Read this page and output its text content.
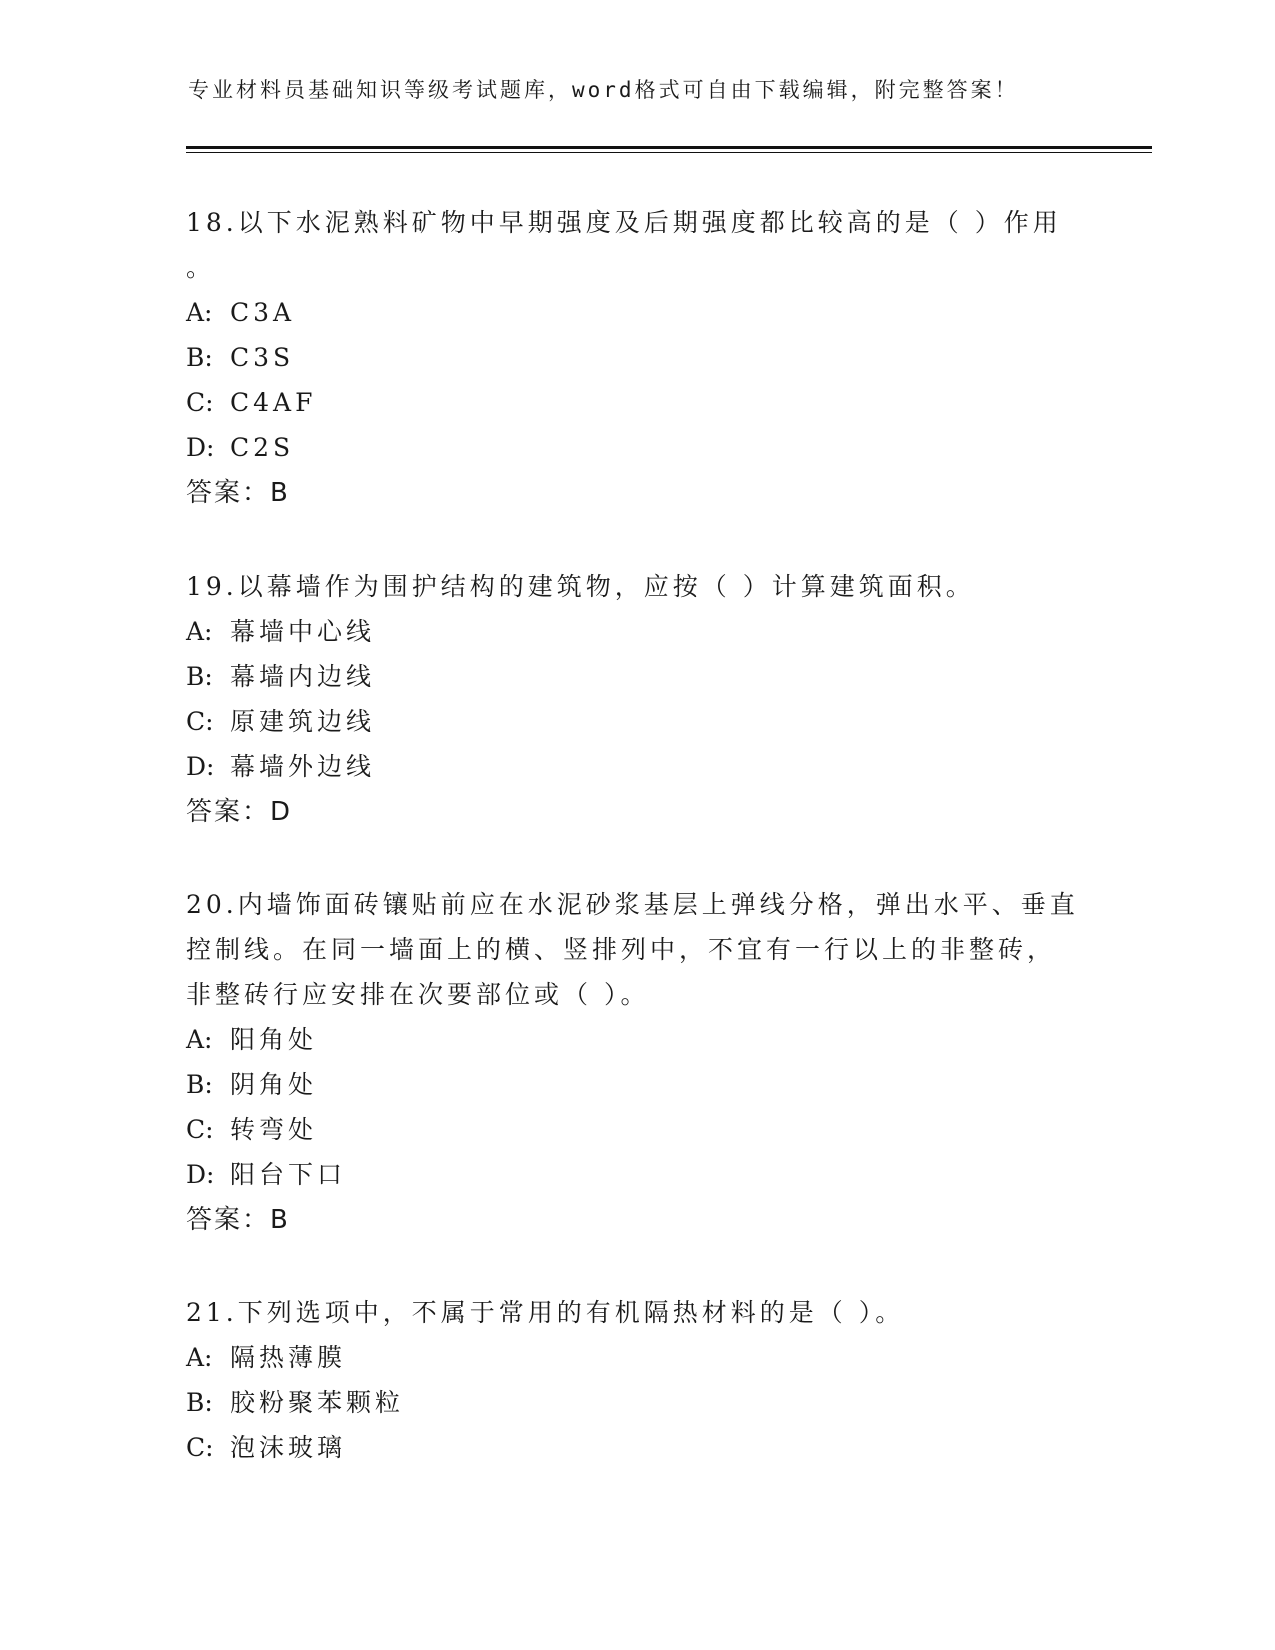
专业材料员基础知识等级考试题库，word格式可自由下载编辑，附完整答案！
18.以下水泥熟料矿物中早期强度及后期强度都比较高的是（ ）作用
。
A: C3A
B: C3S
C: C4AF
D: C2S
答案：B
19.以幕墙作为围护结构的建筑物，应按（ ）计算建筑面积。
A: 幕墙中心线
B: 幕墙内边线
C: 原建筑边线
D: 幕墙外边线
答案：D
20.内墙饰面砖镶贴前应在水泥砂浆基层上弹线分格，弹出水平、垂直
控制线。在同一墙面上的横、竖排列中，不宜有一行以上的非整砖，
非整砖行应安排在次要部位或（ ）。
A: 阳角处
B: 阴角处
C: 转弯处
D: 阳台下口
答案：B
21.下列选项中，不属于常用的有机隔热材料的是（ ）。
A: 隔热薄膜
B: 胶粉聚苯颗粒
C: 泡沫玻璃
